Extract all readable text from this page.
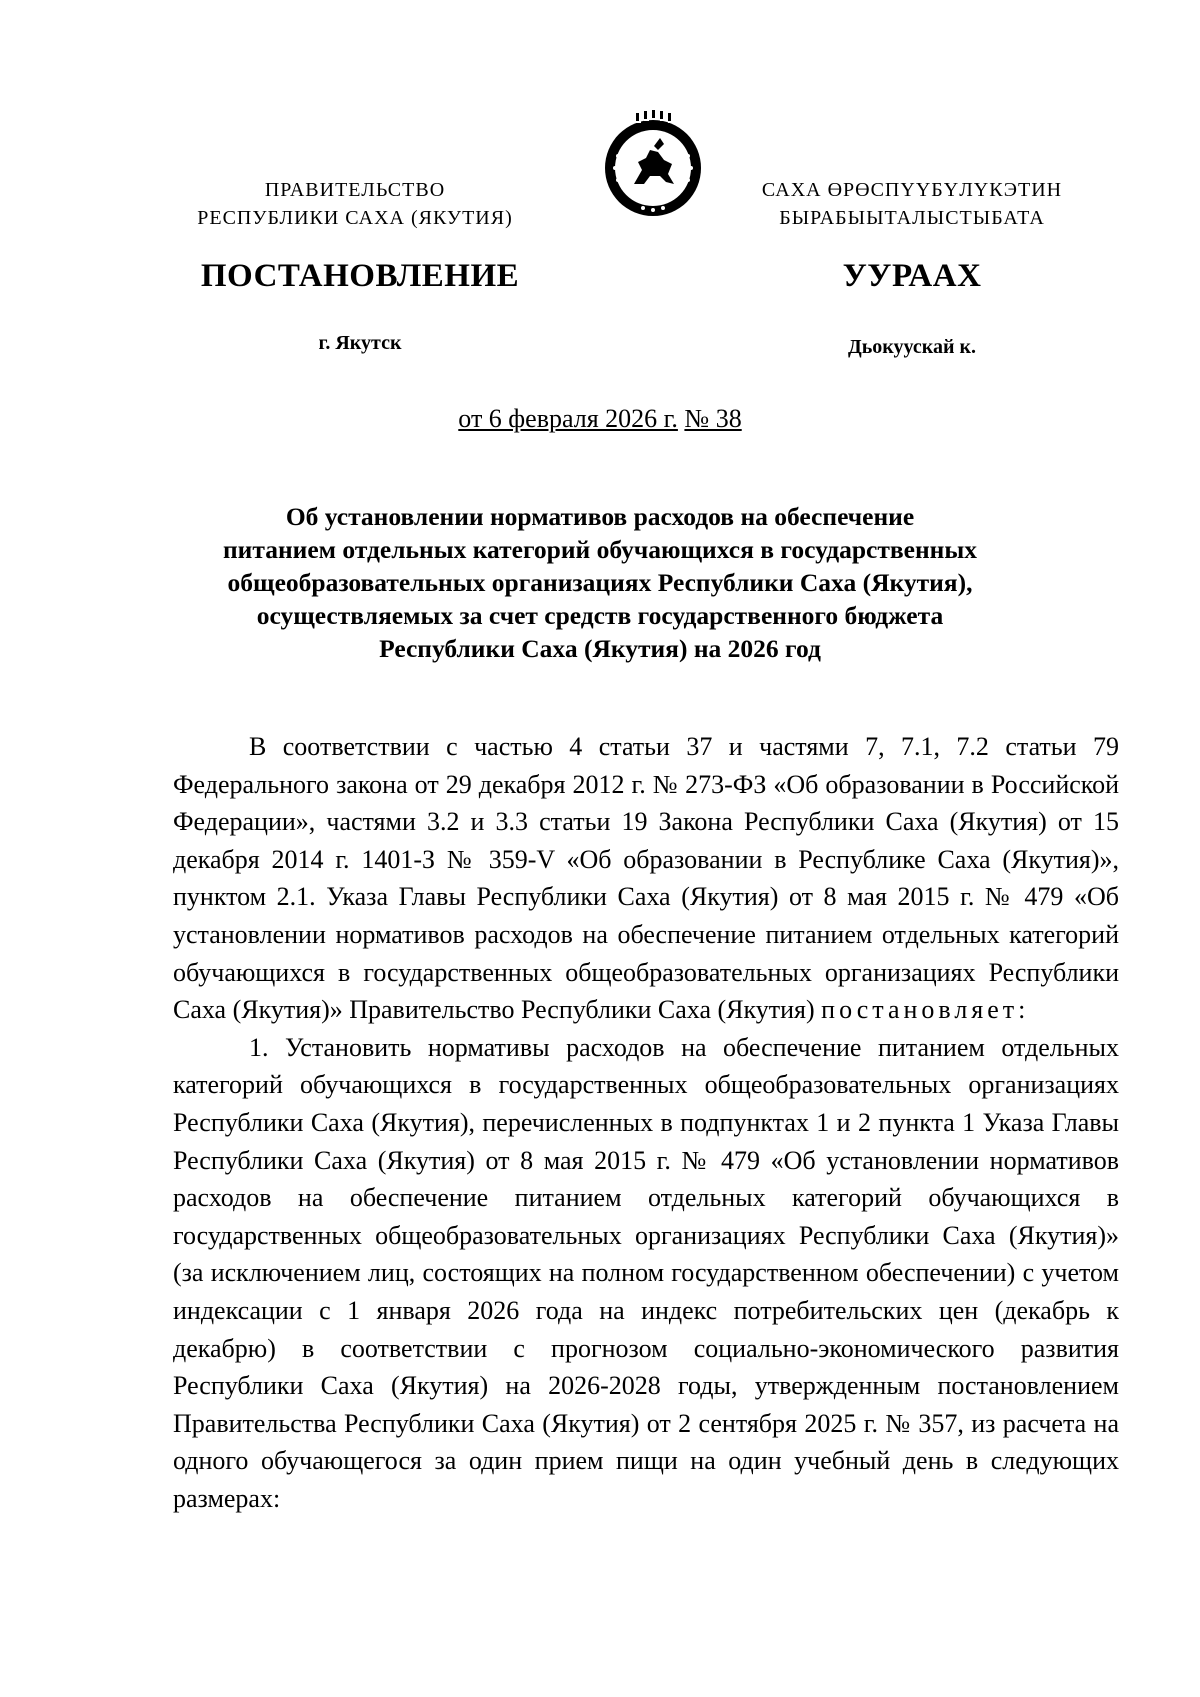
ПРАВИТЕЛЬСТВО
РЕСПУБЛИКИ САХА (ЯКУТИЯ)
САХА ӨРӨСПҮҮБҮЛҮКЭТИН
БЫРАБЫЫТАЛЫСТЫБАТА
ПОСТАНОВЛЕНИЕ	УУРААХ
г. Якутск	Дьокуускай к.
от 6 февраля 2026 г. № 38
Об установлении нормативов расходов на обеспечение
питанием отдельных категорий обучающихся в государственных
общеобразовательных организациях Республики Саха (Якутия),
осуществляемых за счет средств государственного бюджета
Республики Саха (Якутия) на 2026 год

В соответствии с частью 4 статьи 37 и частями 7, 7.1, 7.2 статьи 79 Федерального закона от 29 декабря 2012 г. № 273-ФЗ «Об образовании в Российской Федерации», частями 3.2 и 3.3 статьи 19 Закона Республики Саха (Якутия) от 15 декабря 2014 г. 1401-З № 359-V «Об образовании в Республике Саха (Якутия)», пунктом 2.1. Указа Главы Республики Саха (Якутия) от 8 мая 2015 г. № 479 «Об установлении нормативов расходов на обеспечение питанием отдельных категорий обучающихся в государственных общеобразовательных организациях Республики Саха (Якутия)» Правительство Республики Саха (Якутия) постановляет:

1. Установить нормативы расходов на обеспечение питанием отдельных категорий обучающихся в государственных общеобразовательных организациях Республики Саха (Якутия), перечисленных в подпунктах 1 и 2 пункта 1 Указа Главы Республики Саха (Якутия) от 8 мая 2015 г. № 479 «Об установлении нормативов расходов на обеспечение питанием отдельных категорий обучающихся в государственных общеобразовательных организациях Республики Саха (Якутия)» (за исключением лиц, состоящих на полном государственном обеспечении) с учетом индексации с 1 января 2026 года на индекс потребительских цен (декабрь к декабрю) в соответствии с прогнозом социально-экономического развития Республики Саха (Якутия) на 2026-2028 годы, утвержденным постановлением Правительства Республики Саха (Якутия) от 2 сентября 2025 г. № 357, из расчета на одного обучающегося за один прием пищи на один учебный день в следующих размерах:
